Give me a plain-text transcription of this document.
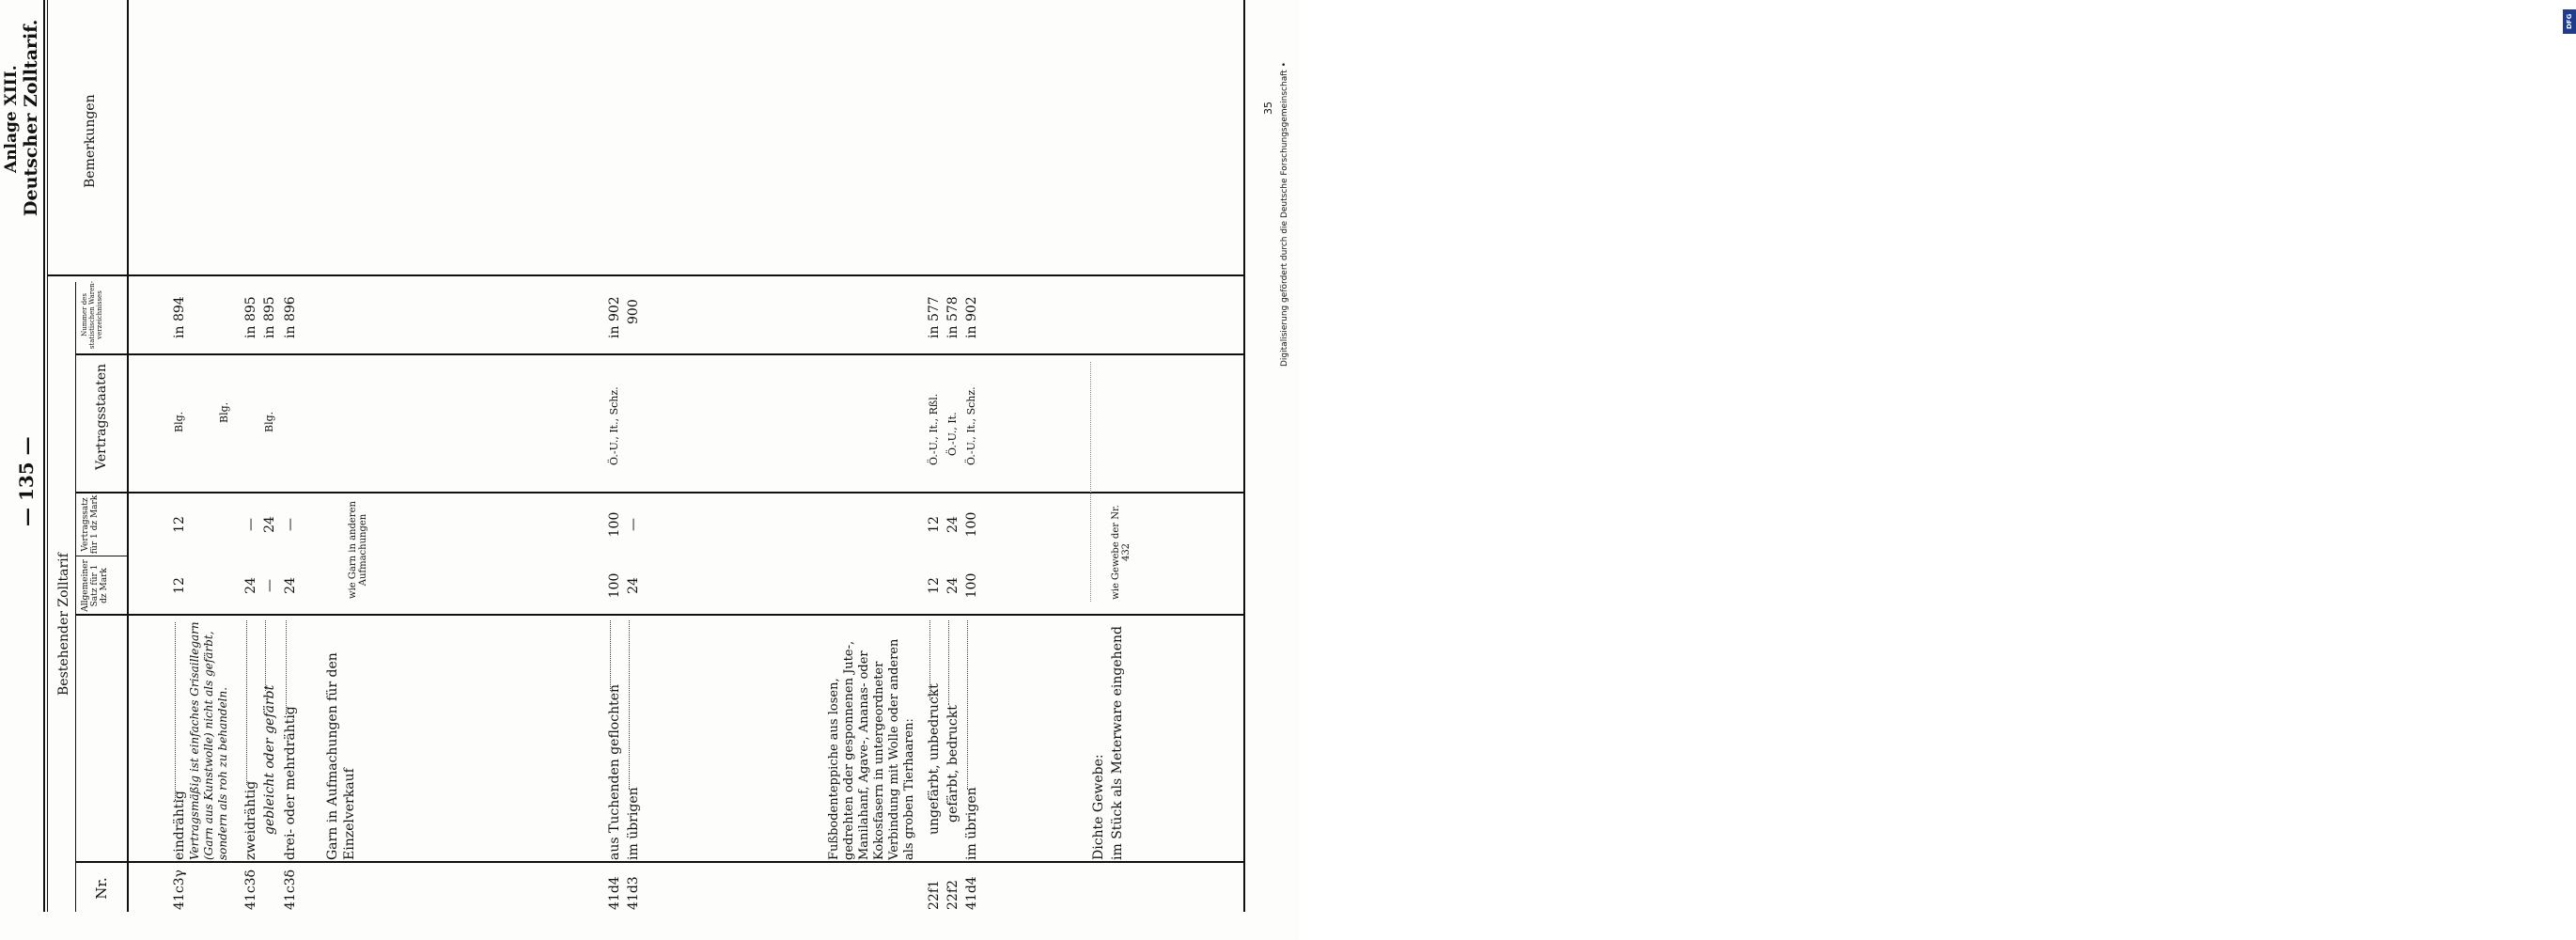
— 135 —
Anlage XIII. Deutscher Zolltarif.
Bestehender Zolltarif
Nr.
Allgemeiner Satz für 1 dz Mark
Vertragssatz für 1 dz Mark
Vertragsstaaten
Nummer des statistischen Waren-verzeichnisses
Bemerkungen
41c3γ
eindrähtig
12
12
Blg.
in 894
Vertragsmäßig ist einfaches Grisaillegarn (Garn aus Kunstwolle) nicht als gefärbt, sondern als roh zu behandeln.
Blg.
41c3δ
zweidrähtig
24
—
in 895
gebleicht oder gefärbt
—
24
Blg.
in 895
41c3δ
drei- oder mehrdrähtig
24
—
in 896
Garn in Aufmachungen für den Einzelverkauf
wie Garn in anderen Aufmachungen
41d4
aus Tuchenden geflochten
100
100
Ö.-U., It., Schz.
in 902
41d3
im übrigen
24
—
900
Fußbodenteppiche aus losen, gedrehten oder gesponnenen Jute-, Manilahanf, Agave-, Ananas- oder Kokosfasern in untergeordneter Verbindung mit Wolle oder anderen als groben Tierhaaren:
22f1
ungefärbt, unbedruckt
12
12
Ö.-U., It., Rßl.
in 577
22f2
gefärbt, bedruckt
24
24
Ö.-U., It.
in 578
41d4
im übrigen
100
100
Ö.-U., It., Schz.
in 902
Dichte Gewebe: im Stück als Meterware eingehend
wie Gewebe der Nr. 432
DFG
Digitalisierung gefördert durch die Deutsche Forschungsgemeinschaft •
35
